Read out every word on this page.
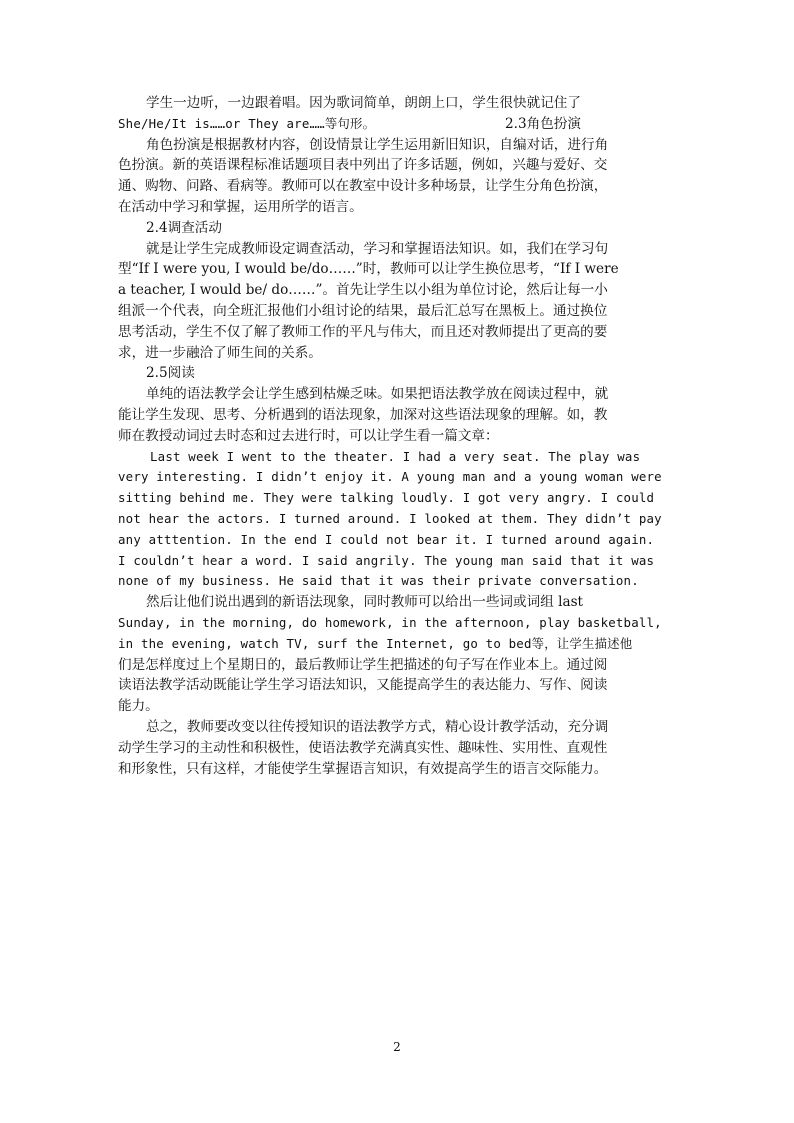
学生一边听，一边跟着唱。因为歌词简单，朗朗上口，学生很快就记住了
She/He/It is……or They are……等句形。	2.3角色扮演
角色扮演是根据教材内容，创设情景让学生运用新旧知识，自编对话，进行角
色扮演。新的英语课程标准话题项目表中列出了许多话题，例如，兴趣与爱好、交
通、购物、问路、看病等。教师可以在教室中设计多种场景，让学生分角色扮演，
在活动中学习和掌握，运用所学的语言。
2.4调查活动
就是让学生完成教师设定调查活动，学习和掌握语法知识。如，我们在学习句
型“If I were you, I would be/do……”时，教师可以让学生换位思考，“If I were
a teacher, I would be/ do……”。首先让学生以小组为单位讨论，然后让每一小
组派一个代表，向全班汇报他们小组讨论的结果，最后汇总写在黑板上。通过换位
思考活动，学生不仅了解了教师工作的平凡与伟大，而且还对教师提出了更高的要
求，进一步融洽了师生间的关系。
2.5阅读
单纯的语法教学会让学生感到枯燥乏味。如果把语法教学放在阅读过程中，就
能让学生发现、思考、分析遇到的语法现象，加深对这些语法现象的理解。如，教
师在教授动词过去时态和过去进行时，可以让学生看一篇文章：
Last week I went to the theater. I had a very seat. The play was
very interesting. I didn’t enjoy it. A young man and a young woman were
sitting behind me. They were talking loudly. I got very angry. I could
not hear the actors. I turned around. I looked at them. They didn’t pay
any atttention. In the end I could not bear it. I turned around again.
I couldn’t hear a word. I said angrily. The young man said that it was
none of my business. He said that it was their private conversation.
然后让他们说出遇到的新语法现象，同时教师可以给出一些词或词组 last
Sunday, in the morning, do homework, in the afternoon, play basketball,
in the evening, watch TV, surf the Internet, go to bed等，让学生描述他
们是怎样度过上个星期日的，最后教师让学生把描述的句子写在作业本上。通过阅
读语法教学活动既能让学生学习语法知识，又能提高学生的表达能力、写作、阅读
能力。
总之，教师要改变以往传授知识的语法教学方式，精心设计教学活动，充分调
动学生学习的主动性和积极性，使语法教学充满真实性、趣味性、实用性、直观性
和形象性，只有这样，才能使学生掌握语言知识，有效提高学生的语言交际能力。
2
